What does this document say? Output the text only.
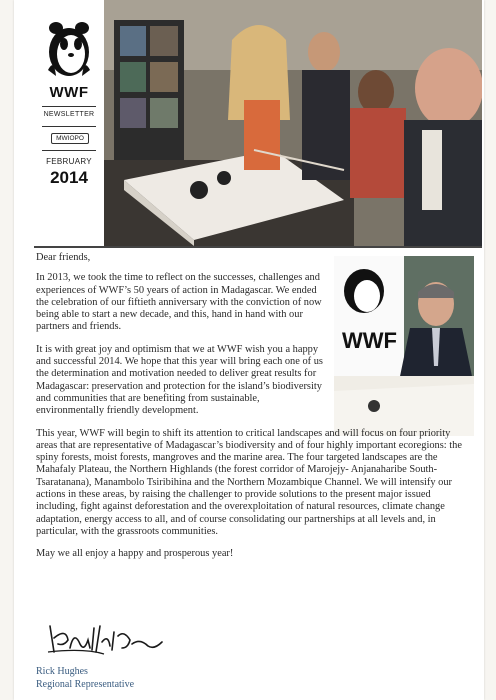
WWF
NEWSLETTER
MWIOPO
FEBRUARY
2014
WWF

Dear friends,

In 2013, we took the time to reflect on the successes, challenges and experiences of WWF’s 50 years of action in Madagascar. We ended the celebration of our fiftieth anniversary with the conviction of now being able to start a new decade, and this, hand in hand with our partners and friends.

It is with great joy and optimism that we at WWF wish you a happy and successful 2014. We hope that this year will bring each one of us the determination and motivation needed to deliver great results for Madagascar: preservation and protection for the island’s biodiversity and communities that are benefiting from sustainable, environmentally friendly development.

This year, WWF will begin to shift its attention to critical landscapes and will focus on four priority areas that are representative of Madagascar’s biodiversity and of four highly important ecoregions: the spiny forests, moist forests, mangroves and the marine area. The four targeted landscapes are the Mahafaly Plateau, the Northern Highlands (the forest corridor of Marojejy- Anjanaharibe South-Tsaratanana), Manambolo Tsiribihina and the Northern Mozambique Channel. We will intensify our actions in these areas, by raising the challenger to provide solutions to the present major issued including, fight against deforestation and the overexploitation of natural resources, climate change adaptation, energy access to all, and of course consolidating our partnerships at all levels and, in particular, with the grassroots communities.

May we all enjoy a happy and prosperous year!

Rick Hughes
Regional Representative
